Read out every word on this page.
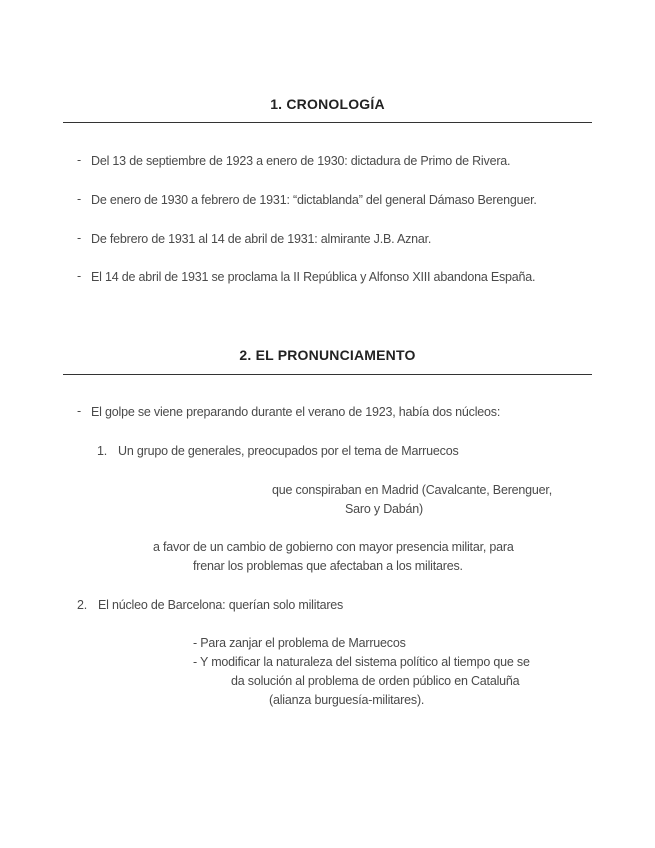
1. CRONOLOGÍA
- Del 13 de septiembre de 1923 a enero de 1930: dictadura de Primo de Rivera.
- De enero de 1930 a febrero de 1931: “dictablanda” del general Dámaso Berenguer.
- De febrero de 1931 al 14 de abril de 1931: almirante J.B. Aznar.
- El 14 de abril de 1931 se proclama la II República y Alfonso XIII abandona España.
2. EL PRONUNCIAMENTO
- El golpe se viene preparando durante el verano de 1923, había dos núcleos:
1. Un grupo de generales, preocupados por el tema de Marruecos
que conspiraban en Madrid (Cavalcante, Berenguer,
Saro y Dabán)
a favor de un cambio de gobierno con mayor presencia militar, para
frenar los problemas que afectaban a los militares.
2. El núcleo de Barcelona: querían solo militares
- Para zanjar el problema de Marruecos
- Y modificar la naturaleza del sistema político al tiempo que se
da solución al problema de orden público en Cataluña
(alianza burguesía-militares).
